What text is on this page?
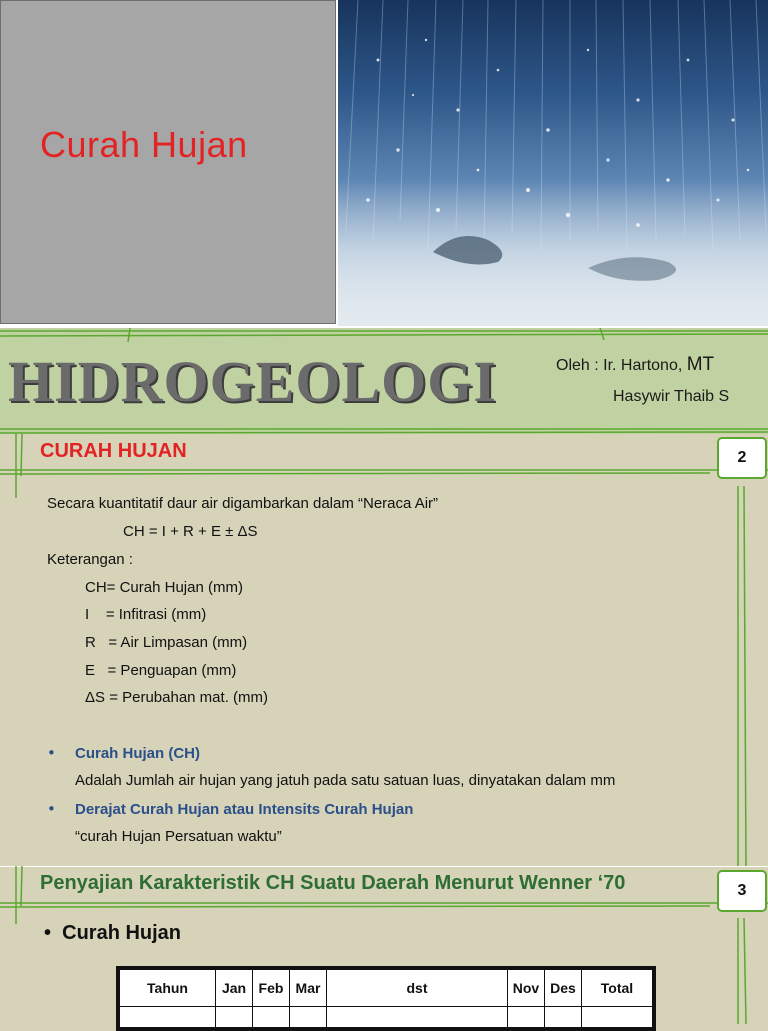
Curah Hujan
HIDROGEOLOGI	Oleh : Ir. Hartono, MT
Hasywir Thaib S
CURAH HUJAN	2
Secara kuantitatif daur air digambarkan dalam “Neraca Air”
CH = I + R + E ± ΔS
Keterangan :
CH= Curah Hujan (mm)
I    = Infitrasi (mm)
R   = Air Limpasan (mm)
E   = Penguapan (mm)
ΔS = Perubahan mat. (mm)
• Curah Hujan (CH)
Adalah Jumlah air hujan yang jatuh pada satu satuan luas, dinyatakan dalam mm
• Derajat Curah Hujan atau Intensits Curah Hujan
“curah Hujan Persatuan waktu”
Penyajian Karakteristik CH Suatu Daerah Menurut Wenner ‘70	3
•  Curah Hujan
Tahun	Jan	Feb	Mar	dst	Nov	Des	Total
